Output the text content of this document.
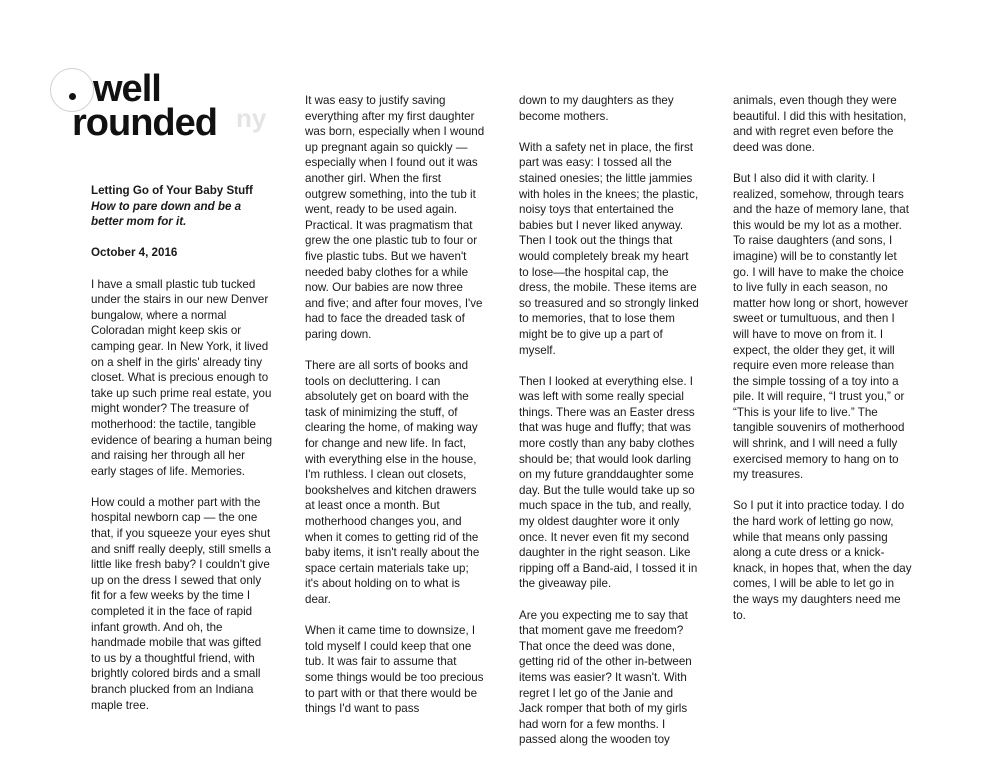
well
rounded ny
Letting Go of Your Baby Stuff
How to pare down and be a better mom for it.
October 4, 2016

I have a small plastic tub tucked under the stairs in our new Denver bungalow, where a normal Coloradan might keep skis or camping gear. In New York, it lived on a shelf in the girls' already tiny closet. What is precious enough to take up such prime real estate, you might wonder? The treasure of motherhood: the tactile, tangible evidence of bearing a human being and raising her through all her early stages of life. Memories.

How could a mother part with the hospital newborn cap — the one that, if you squeeze your eyes shut and sniff really deeply, still smells a little like fresh baby? I couldn't give up on the dress I sewed that only fit for a few weeks by the time I completed it in the face of rapid infant growth. And oh, the handmade mobile that was gifted to us by a thoughtful friend, with brightly colored birds and a small branch plucked from an Indiana maple tree.

It was easy to justify saving everything after my first daughter was born, especially when I wound up pregnant again so quickly — especially when I found out it was another girl. When the first outgrew something, into the tub it went, ready to be used again. Practical. It was pragmatism that grew the one plastic tub to four or five plastic tubs. But we haven't needed baby clothes for a while now. Our babies are now three and five; and after four moves, I've had to face the dreaded task of paring down.

There are all sorts of books and tools on decluttering. I can absolutely get on board with the task of minimizing the stuff, of clearing the home, of making way for change and new life. In fact, with everything else in the house, I'm ruthless. I clean out closets, bookshelves and kitchen drawers at least once a month. But motherhood changes you, and when it comes to getting rid of the baby items, it isn't really about the space certain materials take up; it's about holding on to what is dear.

When it came time to downsize, I told myself I could keep that one tub. It was fair to assume that some things would be too precious to part with or that there would be things I'd want to pass

down to my daughters as they become mothers.

With a safety net in place, the first part was easy: I tossed all the stained onesies; the little jammies with holes in the knees; the plastic, noisy toys that entertained the babies but I never liked anyway. Then I took out the things that would completely break my heart to lose—the hospital cap, the dress, the mobile. These items are so treasured and so strongly linked to memories, that to lose them might be to give up a part of myself.

Then I looked at everything else. I was left with some really special things. There was an Easter dress that was huge and fluffy; that was more costly than any baby clothes should be; that would look darling on my future granddaughter some day. But the tulle would take up so much space in the tub, and really, my oldest daughter wore it only once. It never even fit my second daughter in the right season. Like ripping off a Band-aid, I tossed it in the giveaway pile.

Are you expecting me to say that that moment gave me freedom? That once the deed was done, getting rid of the other in-between items was easier? It wasn't. With regret I let go of the Janie and Jack romper that both of my girls had worn for a few months. I passed along the wooden toy

animals, even though they were beautiful. I did this with hesitation, and with regret even before the deed was done.

But I also did it with clarity. I realized, somehow, through tears and the haze of memory lane, that this would be my lot as a mother. To raise daughters (and sons, I imagine) will be to constantly let go. I will have to make the choice to live fully in each season, no matter how long or short, however sweet or tumultuous, and then I will have to move on from it. I expect, the older they get, it will require even more release than the simple tossing of a toy into a pile. It will require, “I trust you,” or “This is your life to live.” The tangible souvenirs of motherhood will shrink, and I will need a fully exercised memory to hang on to my treasures.

So I put it into practice today. I do the hard work of letting go now, while that means only passing along a cute dress or a knick-knack, in hopes that, when the day comes, I will be able to let go in the ways my daughters need me to.
